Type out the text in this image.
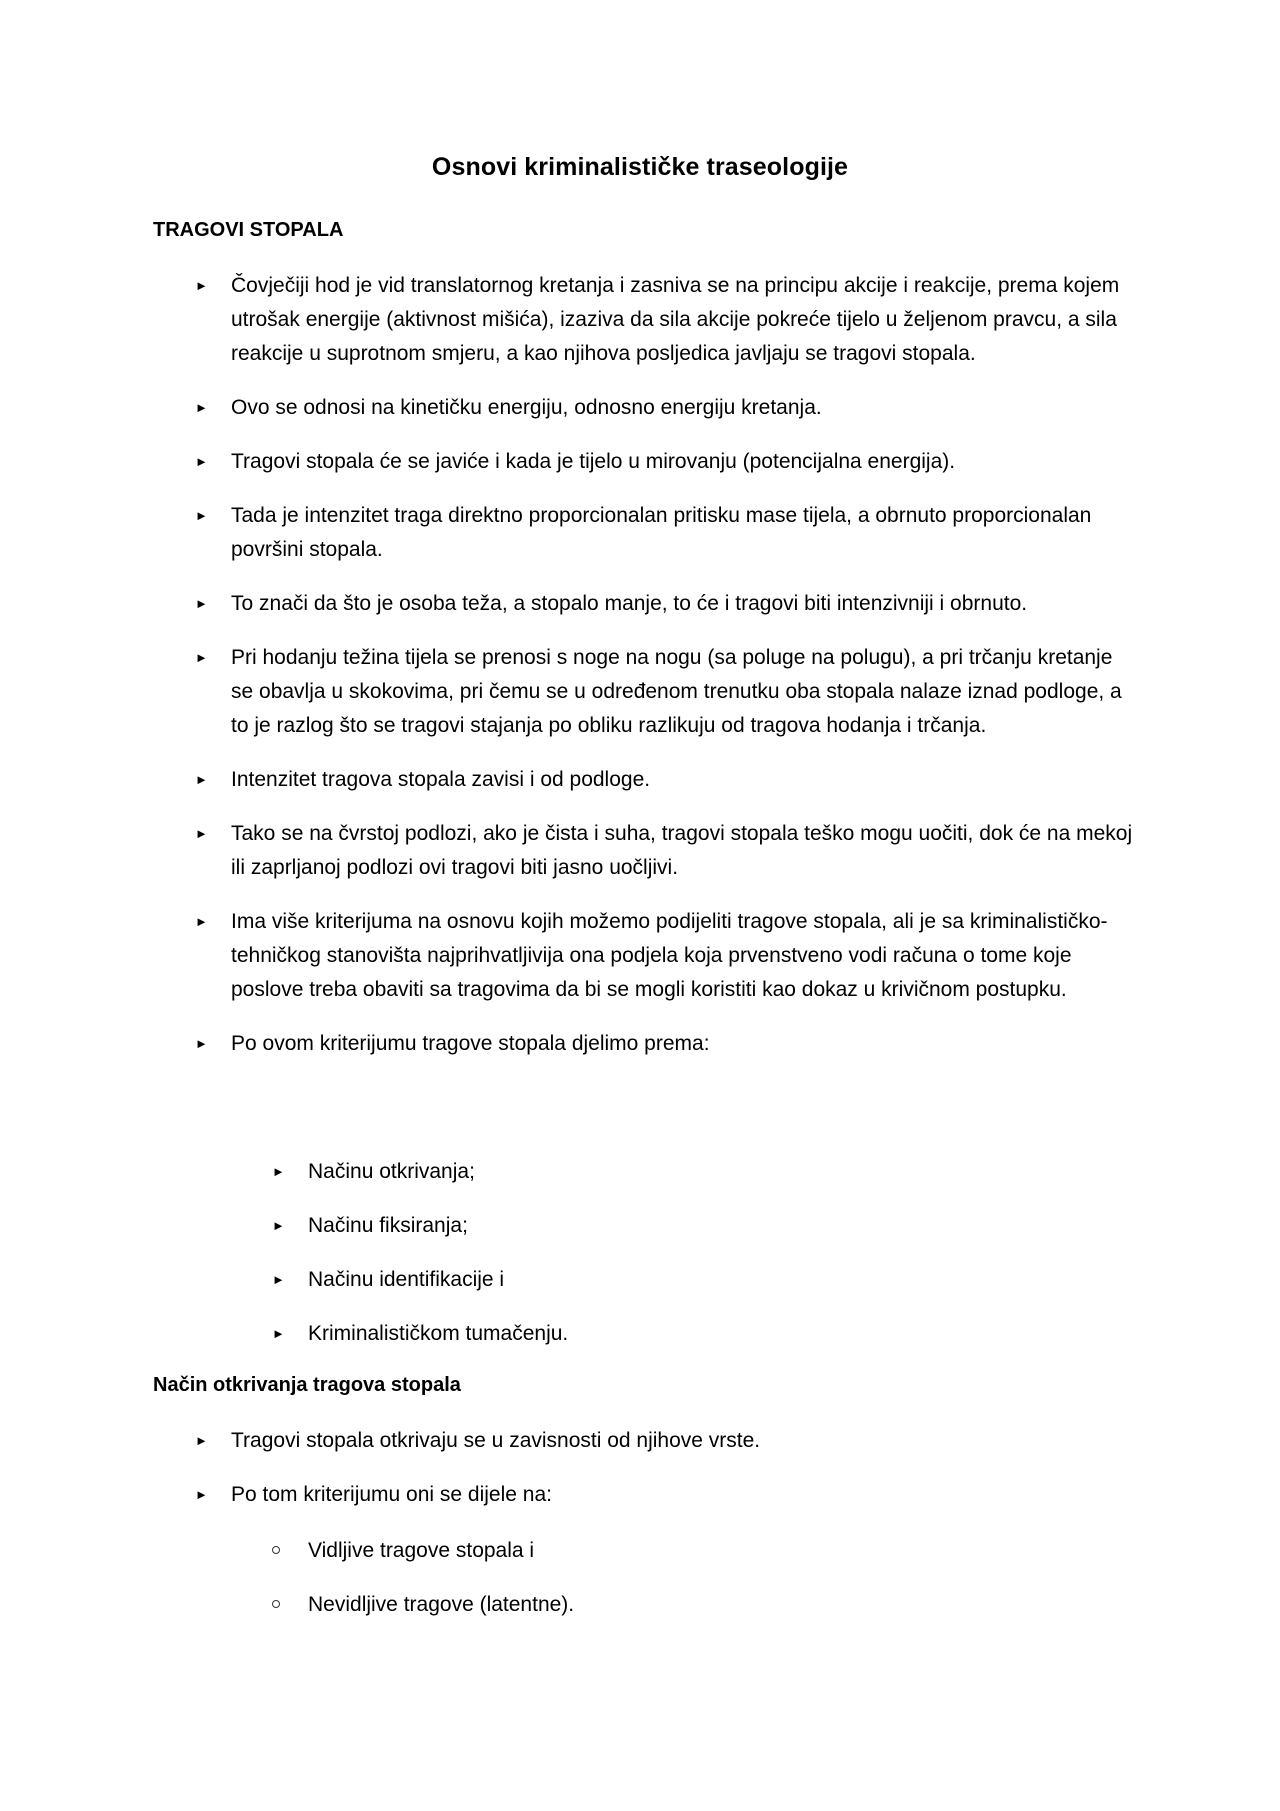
Osnovi kriminalističke traseologije
TRAGOVI STOPALA
►	Čovječiji hod je vid translatornog kretanja i zasniva se na principu akcije i reakcije, prema kojem utrošak energije (aktivnost mišića), izaziva da sila akcije pokreće tijelo u željenom pravcu, a sila reakcije u suprotnom smjeru, a kao njihova posljedica javljaju se tragovi stopala.
►	Ovo se odnosi na kinetičku energiju, odnosno energiju kretanja.
►	Tragovi stopala će se javiće i kada je tijelo u mirovanju (potencijalna energija).
►	Tada je intenzitet traga direktno proporcionalan pritisku mase tijela, a obrnuto proporcionalan površini stopala.
►	To znači da što je osoba teža, a stopalo manje, to će i tragovi biti intenzivniji i obrnuto.
►	Pri hodanju težina tijela se prenosi s noge na nogu (sa poluge na polugu), a pri trčanju kretanje se obavlja u skokovima, pri čemu se u određenom trenutku oba stopala nalaze iznad podloge, a to je razlog što se tragovi stajanja po obliku razlikuju od tragova hodanja i trčanja.
►	Intenzitet tragova stopala zavisi i od podloge.
►	Tako se na čvrstoj podlozi, ako je čista i suha, tragovi stopala teško mogu uočiti, dok će na mekoj ili zaprljanoj podlozi ovi tragovi biti jasno uočljivi.
►	Ima više kriterijuma na osnovu kojih možemo podijeliti tragove stopala, ali je sa kriminalističko-tehničkog stanovišta najprihvatljivija ona podjela koja prvenstveno vodi računa o tome koje poslove treba obaviti sa tragovima da bi se mogli koristiti kao dokaz u krivičnom postupku.
►	Po ovom kriterijumu tragove stopala djelimo prema:
►	Načinu otkrivanja;
►	Načinu fiksiranja;
►	Načinu identifikacije i
►	Kriminalističkom tumačenju.
Način otkrivanja tragova stopala
►	Tragovi stopala otkrivaju se u zavisnosti od njihove vrste.
►	Po tom kriterijumu oni se dijele na:
Vidljive tragove stopala i
Nevidljive tragove (latentne).
